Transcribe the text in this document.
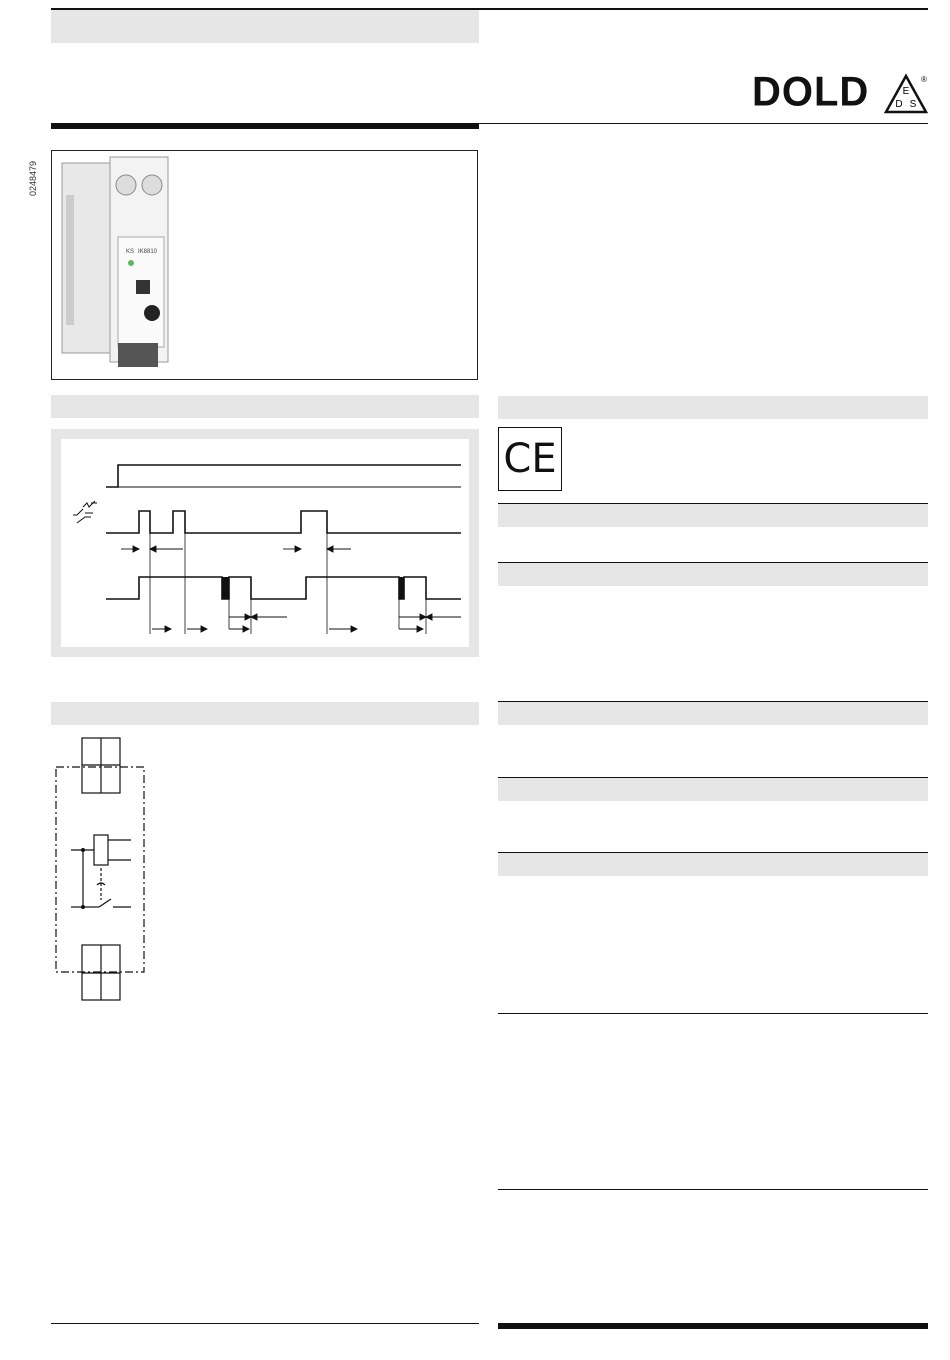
DOLD	E
D S
®
0248479
IK8810
KS
CE
